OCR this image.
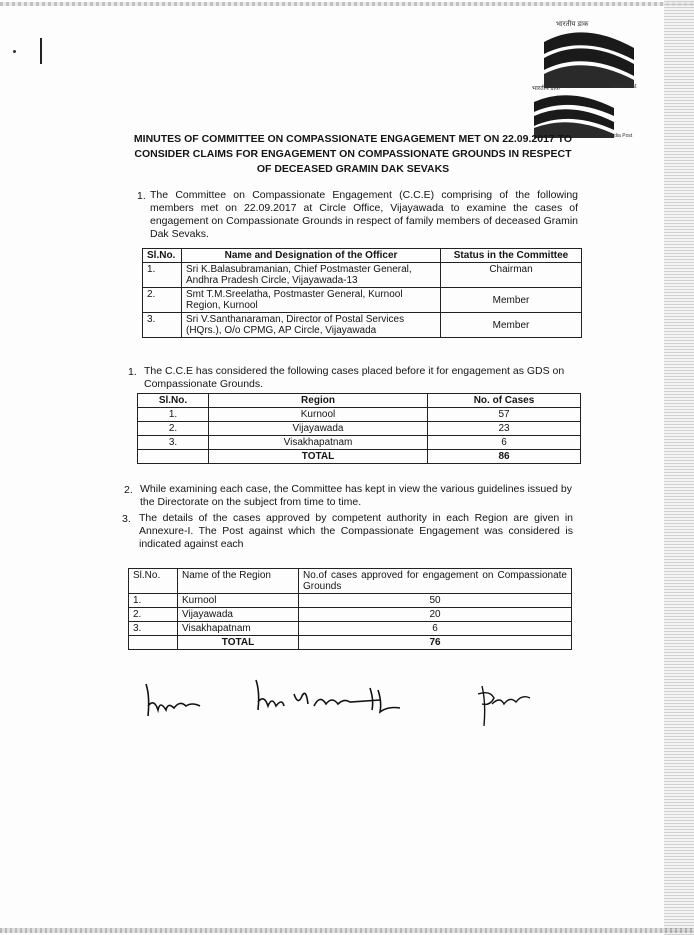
भारतीय डाक
भारतीय डाक	India Post
India Post
MINUTES OF COMMITTEE ON COMPASSIONATE ENGAGEMENT MET ON 22.09.2017 TO CONSIDER CLAIMS FOR ENGAGEMENT ON COMPASSIONATE GROUNDS IN RESPECT OF DECEASED GRAMIN DAK SEVAKS
1. The Committee on Compassionate Engagement (C.C.E) comprising of the following members met on 22.09.2017 at Circle Office, Vijayawada to examine the cases of engagement on Compassionate Grounds in respect of family members of deceased Gramin Dak Sevaks.
Sl.No.	Name and Designation of the Officer	Status in the Committee
1.	Sri K.Balasubramanian, Chief Postmaster General, Andhra Pradesh Circle, Vijayawada-13	Chairman
2.	Smt T.M.Sreelatha, Postmaster General, Kurnool Region, Kurnool	Member
3.	Sri V.Santhanaraman, Director of Postal Services (HQrs.), O/o CPMG, AP Circle, Vijayawada	Member
1. The C.C.E has considered the following cases placed before it for engagement as GDS on Compassionate Grounds.
Sl.No.	Region	No. of Cases
1.	Kurnool	57
2.	Vijayawada	23
3.	Visakhapatnam	6
	TOTAL	86
2. While examining each case, the Committee has kept in view the various guidelines issued by the Directorate on the subject from time to time.
3. The details of the cases approved by competent authority in each Region are given in Annexure-I. The Post against which the Compassionate Engagement was considered is indicated against each
Sl.No.	Name of the Region	No.of cases approved for engagement on Compassionate Grounds
1.	Kurnool	50
2.	Vijayawada	20
3.	Visakhapatnam	6
	TOTAL	76
